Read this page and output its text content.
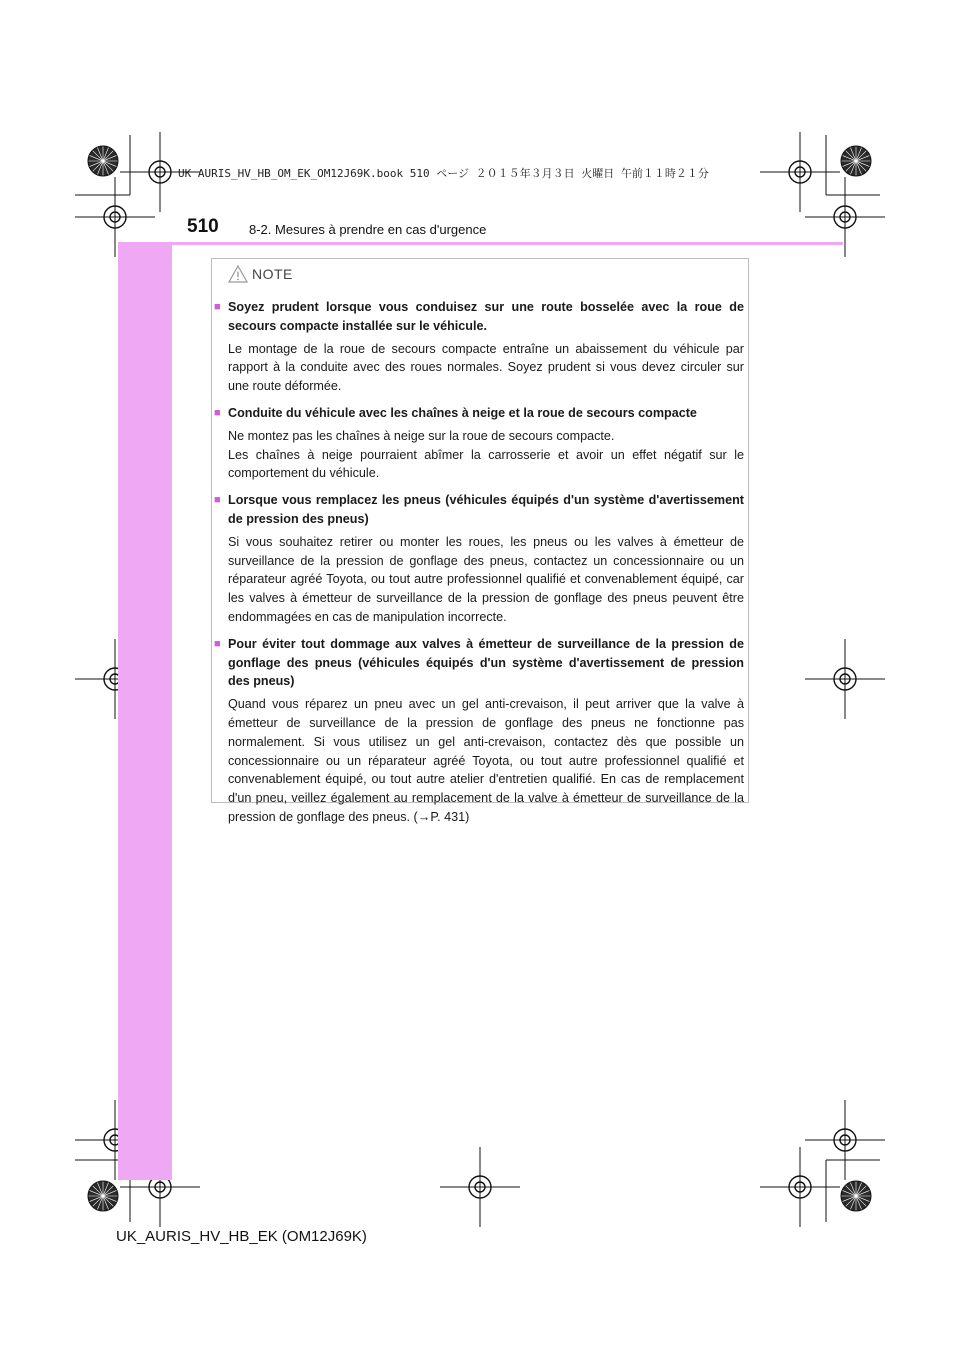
UK AURIS_HV_HB_OM_EK_OM12J69K.book 510 ページ ２０１５年３月３日 火曜日 午前１１時２１分
510 8-2. Mesures à prendre en cas d'urgence
NOTE
■
Soyez prudent lorsque vous conduisez sur une route bosselée avec la roue de secours compacte installée sur le véhicule.

Le montage de la roue de secours compacte entraîne un abaissement du véhicule par rapport à la conduite avec des roues normales. Soyez prudent si vous devez circuler sur une route déformée.

■
Conduite du véhicule avec les chaînes à neige et la roue de secours compacte

Ne montez pas les chaînes à neige sur la roue de secours compacte.

Les chaînes à neige pourraient abîmer la carrosserie et avoir un effet négatif sur le comportement du véhicule.

■
Lorsque vous remplacez les pneus (véhicules équipés d'un système d'avertissement de pression des pneus)

Si vous souhaitez retirer ou monter les roues, les pneus ou les valves à émetteur de surveillance de la pression de gonflage des pneus, contactez un concessionnaire ou un réparateur agréé Toyota, ou tout autre professionnel qualifié et convenablement équipé, car les valves à émetteur de surveillance de la pression de gonflage des pneus peuvent être endommagées en cas de manipulation incorrecte.

■
Pour éviter tout dommage aux valves à émetteur de surveillance de la pression de gonflage des pneus (véhicules équipés d'un système d'avertissement de pression des pneus)

Quand vous réparez un pneu avec un gel anti-crevaison, il peut arriver que la valve à émetteur de surveillance de la pression de gonflage des pneus ne fonctionne pas normalement. Si vous utilisez un gel anti-crevaison, contactez dès que possible un concessionnaire ou un réparateur agréé Toyota, ou tout autre professionnel qualifié et convenablement équipé, ou tout autre atelier d'entretien qualifié. En cas de remplacement d'un pneu, veillez également au remplacement de la valve à émetteur de surveillance de la pression de gonflage des pneus. (→P. 431)

UK_AURIS_HV_HB_EK (OM12J69K)
